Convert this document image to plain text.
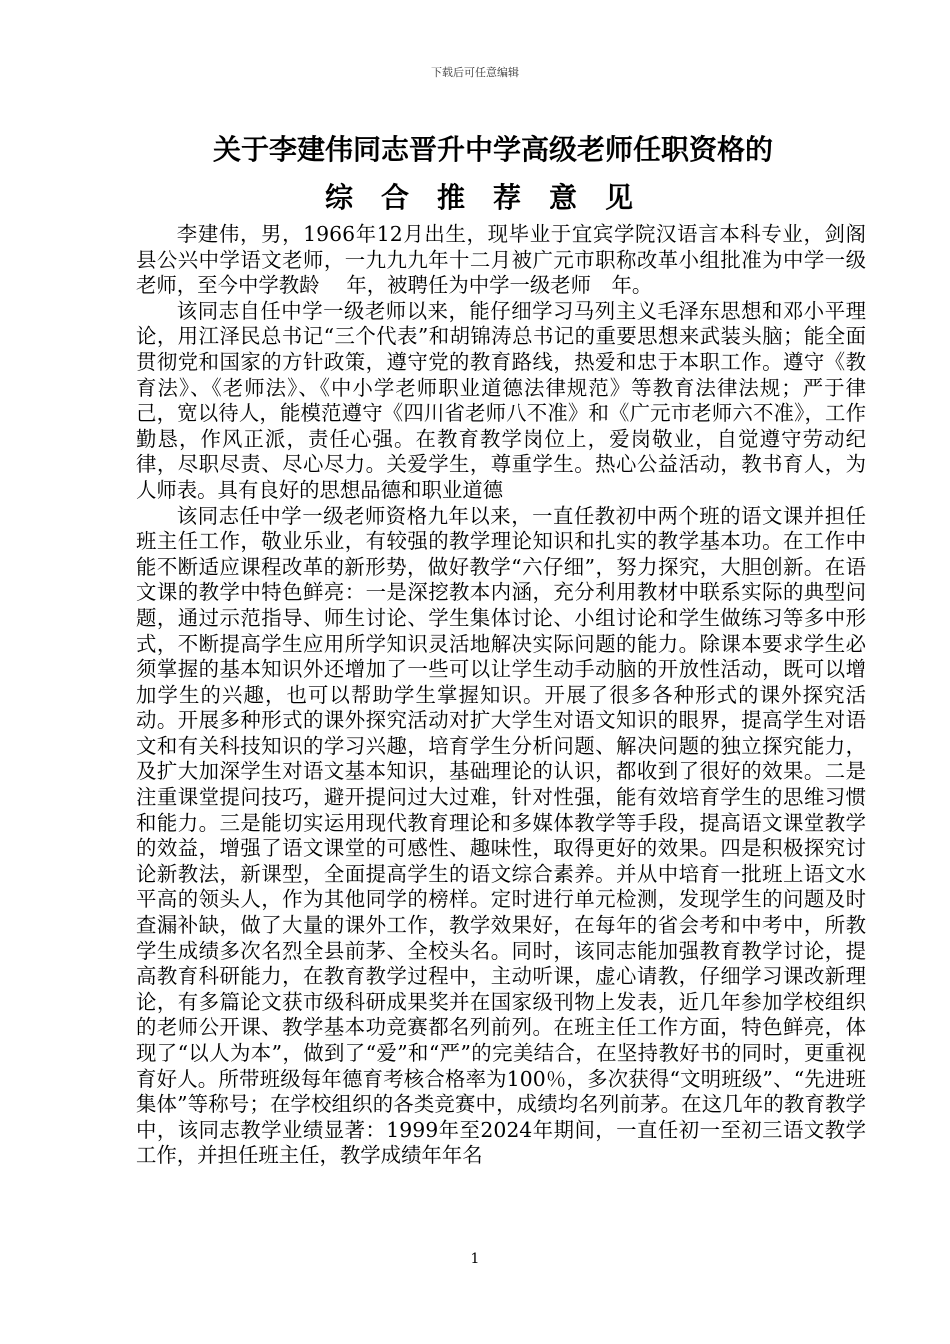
下载后可任意编辑
关于李建伟同志晋升中学高级老师任职资格的
综合推荐意见

李建伟，男，1966年12月出生，现毕业于宜宾学院汉语言本科专业，剑阁县公兴中学语文老师，一九九九年十二月被广元市职称改革小组批准为中学一级老师，至今中学教龄　 年，被聘任为中学一级老师　年。

该同志自任中学一级老师以来，能仔细学习马列主义毛泽东思想和邓小平理论，用江泽民总书记“三个代表”和胡锦涛总书记的重要思想来武装头脑；能全面贯彻党和国家的方针政策，遵守党的教育路线，热爱和忠于本职工作。遵守《教育法》、《老师法》、《中小学老师职业道德法律规范》等教育法律法规；严于律己，宽以待人，能模范遵守《四川省老师八不准》和《广元市老师六不准》，工作勤恳，作风正派，责任心强。在教育教学岗位上，爱岗敬业，自觉遵守劳动纪律，尽职尽责、尽心尽力。关爱学生，尊重学生。热心公益活动，教书育人，为人师表。具有良好的思想品德和职业道德

该同志任中学一级老师资格九年以来，一直任教初中两个班的语文课并担任班主任工作，敬业乐业，有较强的教学理论知识和扎实的教学基本功。在工作中能不断适应课程改革的新形势，做好教学“六仔细”，努力探究，大胆创新。在语文课的教学中特色鲜亮：一是深挖教本内涵，充分利用教材中联系实际的典型问题，通过示范指导、师生讨论、学生集体讨论、小组讨论和学生做练习等多中形式，不断提高学生应用所学知识灵活地解决实际问题的能力。除课本要求学生必须掌握的基本知识外还增加了一些可以让学生动手动脑的开放性活动，既可以增加学生的兴趣，也可以帮助学生掌握知识。开展了很多各种形式的课外探究活动。开展多种形式的课外探究活动对扩大学生对语文知识的眼界，提高学生对语文和有关科技知识的学习兴趣，培育学生分析问题、解决问题的独立探究能力，及扩大加深学生对语文基本知识，基础理论的认识，都收到了很好的效果。二是注重课堂提问技巧，避开提问过大过难，针对性强，能有效培育学生的思维习惯和能力。三是能切实运用现代教育理论和多媒体教学等手段，提高语文课堂教学的效益，增强了语文课堂的可感性、趣味性，取得更好的效果。四是积极探究讨论新教法，新课型，全面提高学生的语文综合素养。并从中培育一批班上语文水平高的领头人，作为其他同学的榜样。定时进行单元检测，发现学生的问题及时查漏补缺，做了大量的课外工作，教学效果好，在每年的省会考和中考中，所教学生成绩多次名烈全县前茅、全校头名。同时，该同志能加强教育教学讨论，提高教育科研能力，在教育教学过程中，主动听课，虚心请教，仔细学习课改新理论，有多篇论文获市级科研成果奖并在国家级刊物上发表，近几年参加学校组织的老师公开课、教学基本功竞赛都名列前列。在班主任工作方面，特色鲜亮，体现了“以人为本”，做到了“爱”和“严”的完美结合，在坚持教好书的同时，更重视育好人。所带班级每年德育考核合格率为100％，多次获得“文明班级”、“先进班集体”等称号；在学校组织的各类竞赛中，成绩均名列前茅。在这几年的教育教学中，该同志教学业绩显著：1999年至2024年期间，一直任初一至初三语文教学工作，并担任班主任，教学成绩年年名

1
